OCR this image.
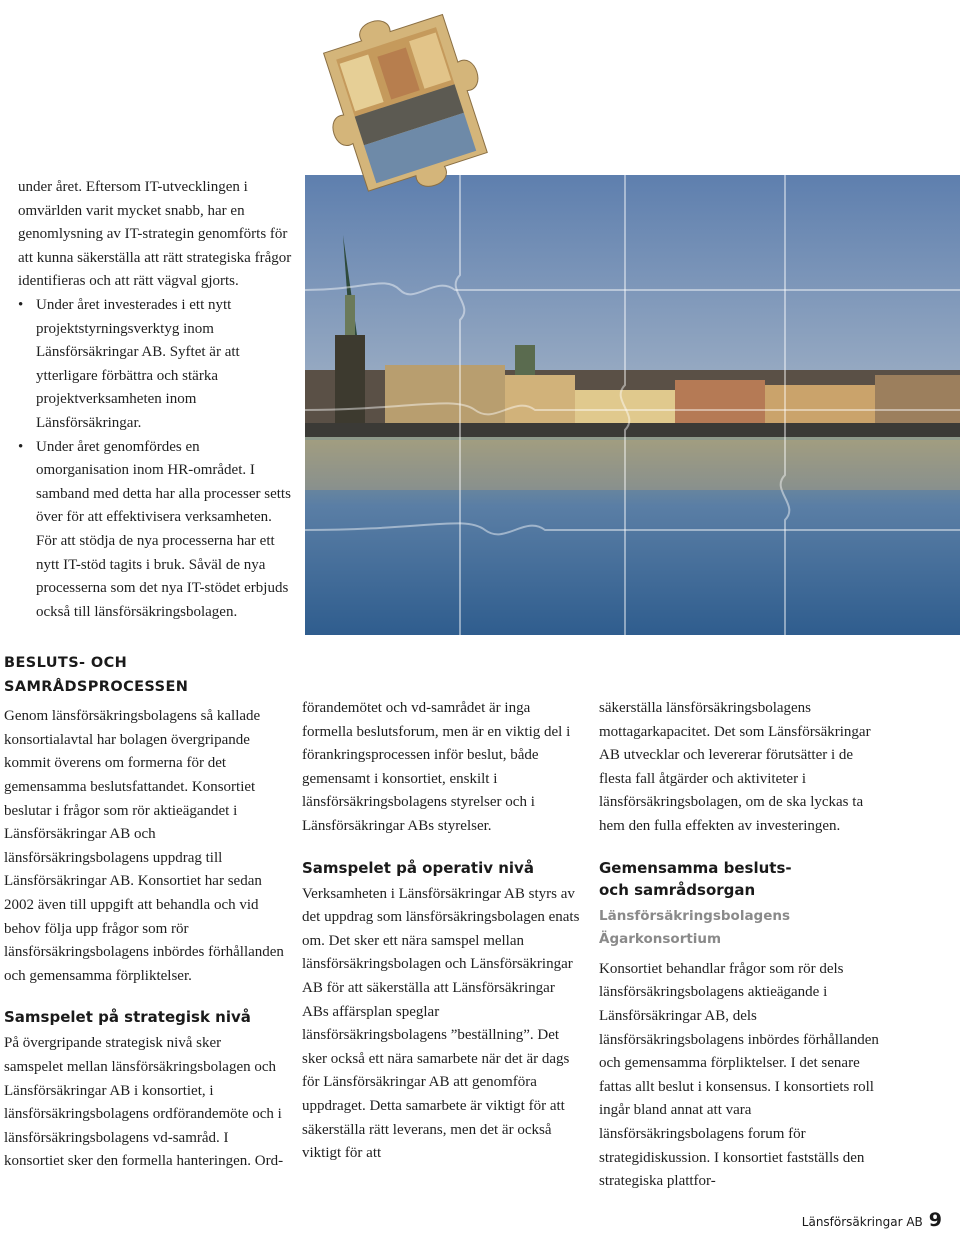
under året. Eftersom IT-utvecklingen i omvärlden varit mycket snabb, har en genomlysning av IT-strategin genomförts för att kunna säkerställa att rätt strategiska frågor identifieras och att rätt vägval gjorts.

• Under året investerades i ett nytt projektstyrningsverktyg inom Länsförsäkringar AB. Syftet är att ytterligare förbättra och stärka projektverksamheten inom Länsförsäkringar.
• Under året genomfördes en omorganisation inom HR-området. I samband med detta har alla processer setts över för att effektivisera verksamheten. För att stödja de nya processerna har ett nytt IT-stöd tagits i bruk. Såväl de nya processerna som det nya IT-stödet erbjuds också till länsförsäkringsbolagen.
BESLUTS- OCH SAMRÅDSPROCESSEN

Genom länsförsäkringsbolagens så kallade konsortialavtal har bolagen övergripande kommit överens om formerna för det gemensamma beslutsfattandet. Konsortiet beslutar i frågor som rör aktieägandet i Länsförsäkringar AB och länsförsäkringsbolagens uppdrag till Länsförsäkringar AB. Konsortiet har sedan 2002 även till uppgift att behandla och vid behov följa upp frågor som rör länsförsäkringsbolagens inbördes förhållanden och gemensamma förpliktelser.

Samspelet på strategisk nivå

På övergripande strategisk nivå sker samspelet mellan länsförsäkringsbolagen och Länsförsäkringar AB i konsortiet, i länsförsäkringsbolagens ordförandemöte och i länsförsäkringsbolagens vd-samråd. I konsortiet sker den formella hanteringen. Ord-

förandemötet och vd-samrådet är inga formella beslutsforum, men är en viktig del i förankringsprocessen inför beslut, både gemensamt i konsortiet, enskilt i länsförsäkringsbolagens styrelser och i Länsförsäkringar ABs styrelser.

Samspelet på operativ nivå

Verksamheten i Länsförsäkringar AB styrs av det uppdrag som länsförsäkringsbolagen enats om. Det sker ett nära samspel mellan länsförsäkringsbolagen och Länsförsäkringar AB för att säkerställa att Länsförsäkringar ABs affärsplan speglar länsförsäkringsbolagens ”beställning”. Det sker också ett nära samarbete när det är dags för Länsförsäkringar AB att genomföra uppdraget. Detta samarbete är viktigt för att säkerställa rätt leverans, men det är också viktigt för att

säkerställa länsförsäkringsbolagens mottagarkapacitet. Det som Länsförsäkringar AB utvecklar och levererar förutsätter i de flesta fall åtgärder och aktiviteter i länsförsäkringsbolagen, om de ska lyckas ta hem den fulla effekten av investeringen.

Gemensamma besluts-
och samrådsorgan
Länsförsäkringsbolagens Ägarkonsortium

Konsortiet behandlar frågor som rör dels länsförsäkringsbolagens aktieägande i Länsförsäkringar AB, dels länsförsäkringsbolagens inbördes förhållanden och gemensamma förpliktelser. I det senare fattas allt beslut i konsensus. I konsortiets roll ingår bland annat att vara länsförsäkringsbolagens forum för strategidiskussion. I konsortiet fastställs den strategiska plattfor-

Länsförsäkringar AB 9
